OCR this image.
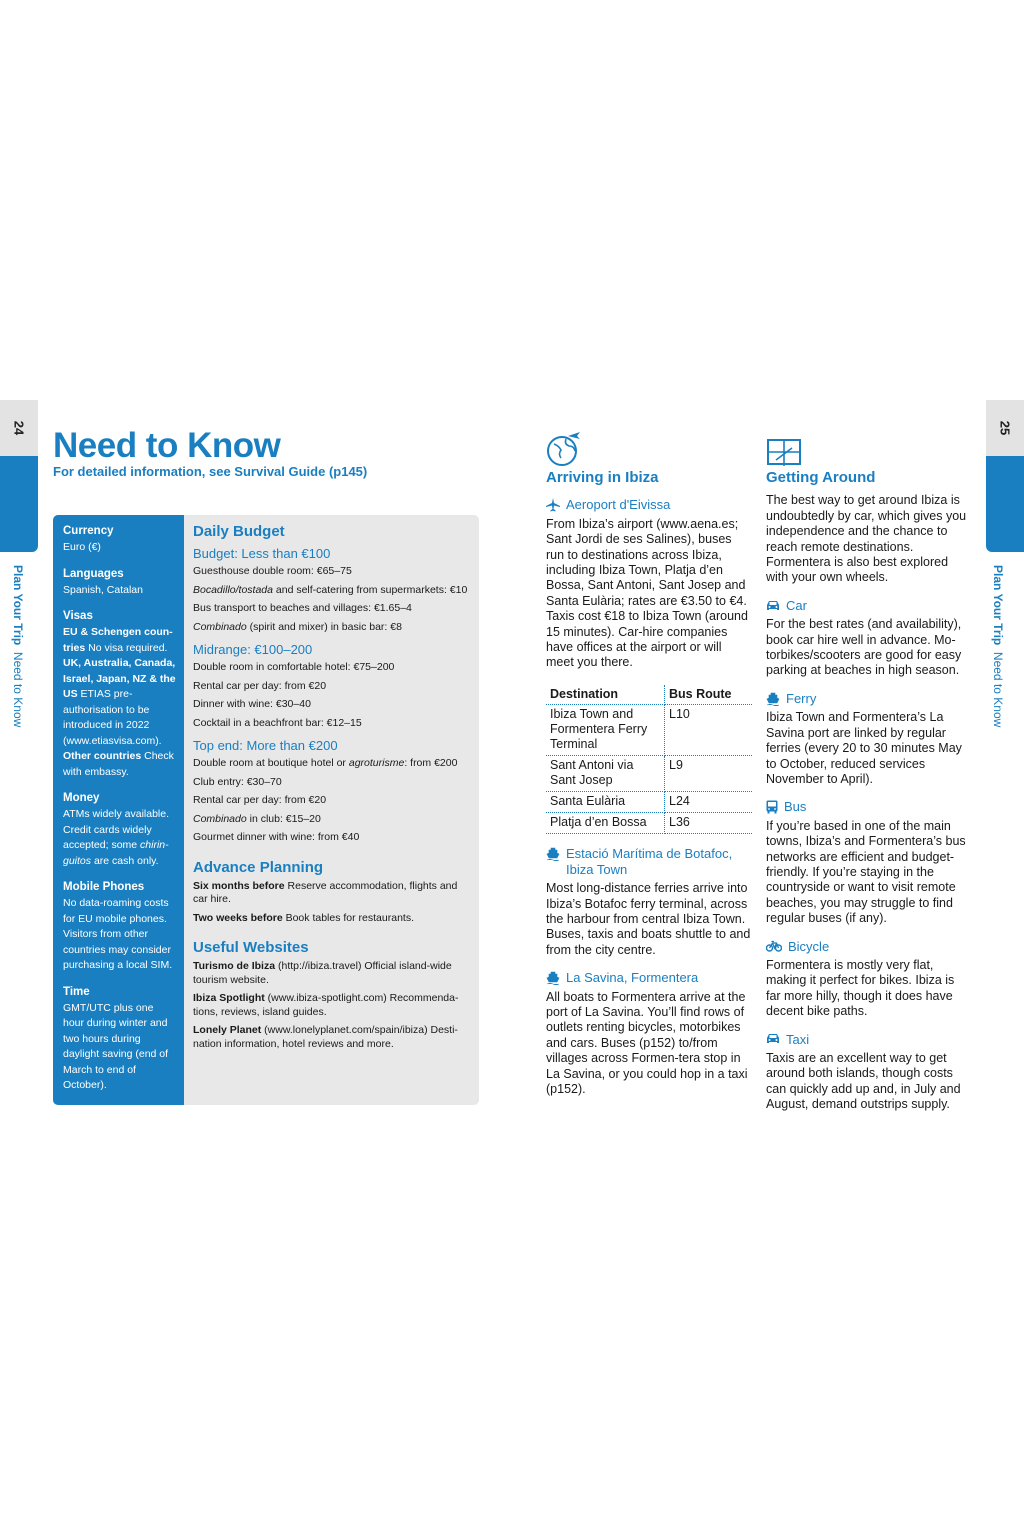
24
Plan Your Trip  Need to Know
25
Plan Your Trip  Need to Know
Need to Know
For detailed information, see Survival Guide (p145)
Currency

Euro (€)

Languages

Spanish, Catalan

Visas

EU & Schengen coun-tries No visa required. UK, Australia, Canada, Israel, Japan, NZ & the US ETIAS pre-authorisation to be introduced in 2022 (www.etiasvisa.com). Other countries Check with embassy.

Money

ATMs widely available. Credit cards widely accepted; some chirin-guitos are cash only.

Mobile Phones

No data-roaming costs for EU mobile phones. Visitors from other countries may consider purchasing a local SIM.

Time

GMT/UTC plus one hour during winter and two hours during daylight saving (end of March to end of October).

Daily Budget
Budget: Less than €100

Guesthouse double room: €65–75

Bocadillo/tostada and self-catering from supermarkets: €10

Bus transport to beaches and villages: €1.65–4

Combinado (spirit and mixer) in basic bar: €8

Midrange: €100–200

Double room in comfortable hotel: €75–200

Rental car per day: from €20

Dinner with wine: €30–40

Cocktail in a beachfront bar: €12–15

Top end: More than €200

Double room at boutique hotel or agroturisme: from €200

Club entry: €30–70

Rental car per day: from €20

Combinado in club: €15–20

Gourmet dinner with wine: from €40

Advance Planning

Six months before Reserve accommodation, flights and car hire.

Two weeks before Book tables for restaurants.

Useful Websites

Turismo de Ibiza (http://ibiza.travel) Official island-wide tourism website.

Ibiza Spotlight (www.ibiza-spotlight.com) Recommenda-tions, reviews, island guides.

Lonely Planet (www.lonelyplanet.com/spain/ibiza) Desti-nation information, hotel reviews and more.

Arriving in Ibiza
Aeroport d'Eivissa

From Ibiza’s airport (www.aena.es; Sant Jordi de ses Salines), buses run to destinations across Ibiza, including Ibiza Town, Platja d’en Bossa, Sant Antoni, Sant Josep and Santa Eulària; rates are €3.50 to €4. Taxis cost €18 to Ibiza Town (around 15 minutes). Car-hire companies have offices at the airport or will meet you there.

Destination	Bus Route
Ibiza Town and Formentera Ferry Terminal	L10
Sant Antoni via Sant Josep	L9
Santa Eulària	L24
Platja d’en Bossa	L36
Estació Marítima de Botafoc, Ibiza Town

Most long-distance ferries arrive into Ibiza’s Botafoc ferry terminal, across the harbour from central Ibiza Town. Buses, taxis and boats shuttle to and from the city centre.

La Savina, Formentera

All boats to Formentera arrive at the port of La Savina. You’ll find rows of outlets renting bicycles, motorbikes and cars. Buses (p152) to/from villages across Formen-tera stop in La Savina, or you could hop in a taxi (p152).

Getting Around

The best way to get around Ibiza is undoubtedly by car, which gives you independence and the chance to reach remote destinations. Formentera is also best explored with your own wheels.

Car

For the best rates (and availability), book car hire well in advance. Mo-torbikes/scooters are good for easy parking at beaches in high season.

Ferry

Ibiza Town and Formentera’s La Savina port are linked by regular ferries (every 20 to 30 minutes May to October, reduced services November to April).

Bus

If you’re based in one of the main towns, Ibiza’s and Formentera’s bus networks are efficient and budget-friendly. If you’re staying in the countryside or want to visit remote beaches, you may struggle to find regular buses (if any).

Bicycle

Formentera is mostly very flat, making it perfect for bikes. Ibiza is far more hilly, though it does have decent bike paths.

Taxi

Taxis are an excellent way to get around both islands, though costs can quickly add up and, in July and August, demand outstrips supply.
